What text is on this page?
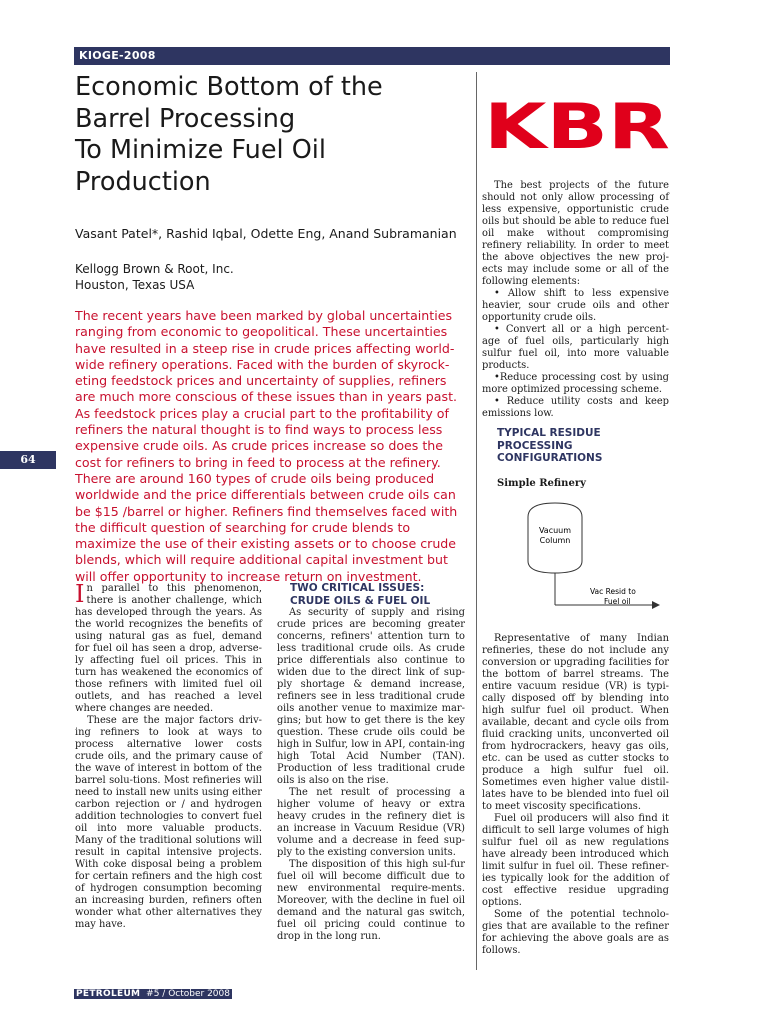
KIOGE-2008
Economic Bottom of the
Barrel Processing
To Minimize Fuel Oil
Production
Vasant Patel*, Rashid Iqbal, Odette Eng, Anand Subramanian
Kellogg Brown & Root, Inc.
Houston, Texas USA
The recent years have been marked by global uncertainties ranging from economic to geopolitical. These uncertainties have resulted in a steep rise in crude prices affecting world-wide refinery operations. Faced with the burden of skyrock-eting feedstock prices and uncertainty of supplies, refiners are much more conscious of these issues than in years past. As feedstock prices play a crucial part to the profitability of refiners the natural thought is to find ways to process less expensive crude oils. As crude prices increase so does the cost for refiners to bring in feed to process at the refinery. There are around 160 types of crude oils being produced worldwide and the price differentials between crude oils can be $15 /barrel or higher. Refiners find themselves faced with the difficult question of searching for crude blends to maximize the use of their existing assets or to choose crude blends, which will require additional capital investment but will offer opportunity to increase return on investment.
KBR
I n parallel to this phenomenon, there is another challenge, which has developed through the years. As the world recognizes the benefits of using natural gas as fuel, demand for fuel oil has seen a drop, adverse-ly affecting fuel oil prices. This in turn has weakened the economics of those refiners with limited fuel oil outlets, and has reached a level where changes are needed.

These are the major factors driv-ing refiners to look at ways to process alternative lower costs crude oils, and the primary cause of the wave of interest in bottom of the barrel solu-tions. Most refineries will need to install new units using either carbon rejection or / and hydrogen addition technologies to convert fuel oil into more valuable products. Many of the traditional solutions will result in capital intensive projects. With coke disposal being a problem for certain refiners and the high cost of hydrogen consumption becoming an increasing burden, refiners often wonder what other alternatives they may have.

TWO CRITICAL ISSUES:
CRUDE OILS & FUEL OIL

As security of supply and rising crude prices are becoming greater concerns, refiners' attention turn to less traditional crude oils. As crude price differentials also continue to widen due to the direct link of sup-ply shortage & demand increase, refiners see in less traditional crude oils another venue to maximize mar-gins; but how to get there is the key question. These crude oils could be high in Sulfur, low in API, contain-ing high Total Acid Number (TAN). Production of less traditional crude oils is also on the rise.

The net result of processing a higher volume of heavy or extra heavy crudes in the refinery diet is an increase in Vacuum Residue (VR) volume and a decrease in feed sup-ply to the existing conversion units.

The disposition of this high sul-fur fuel oil will become difficult due to new environmental require-ments. Moreover, with the decline in fuel oil demand and the natural gas switch, fuel oil pricing could continue to drop in the long run.

The best projects of the future should not only allow processing of less expensive, opportunistic crude oils but should be able to reduce fuel oil make without compromising refinery reliability. In order to meet the above objectives the new proj-ects may include some or all of the following elements:

• Allow shift to less expensive heavier, sour crude oils and other opportunity crude oils.
• Convert all or a high percent-age of fuel oils, particularly high sulfur fuel oil, into more valuable products.
•Reduce processing cost by using more optimized processing scheme.
• Reduce utility costs and keep emissions low.
TYPICAL RESIDUE
PROCESSING
CONFIGURATIONS
Simple Refinery
Vacuum
Column
Vac Resid to
Fuel oil

Representative of many Indian refineries, these do not include any conversion or upgrading facilities for the bottom of barrel streams. The entire vacuum residue (VR) is typi-cally disposed off by blending into high sulfur fuel oil product. When available, decant and cycle oils from fluid cracking units, unconverted oil from hydrocrackers, heavy gas oils, etc. can be used as cutter stocks to produce a high sulfur fuel oil. Sometimes even higher value distil-lates have to be blended into fuel oil to meet viscosity specifications.

Fuel oil producers will also find it difficult to sell large volumes of high sulfur fuel oil as new regulations have already been introduced which limit sulfur in fuel oil. These refiner-ies typically look for the addition of cost effective residue upgrading options.

Some of the potential technolo-gies that are available to the refiner for achieving the above goals are as follows.

64
PETROLEUM #5 / October 2008
